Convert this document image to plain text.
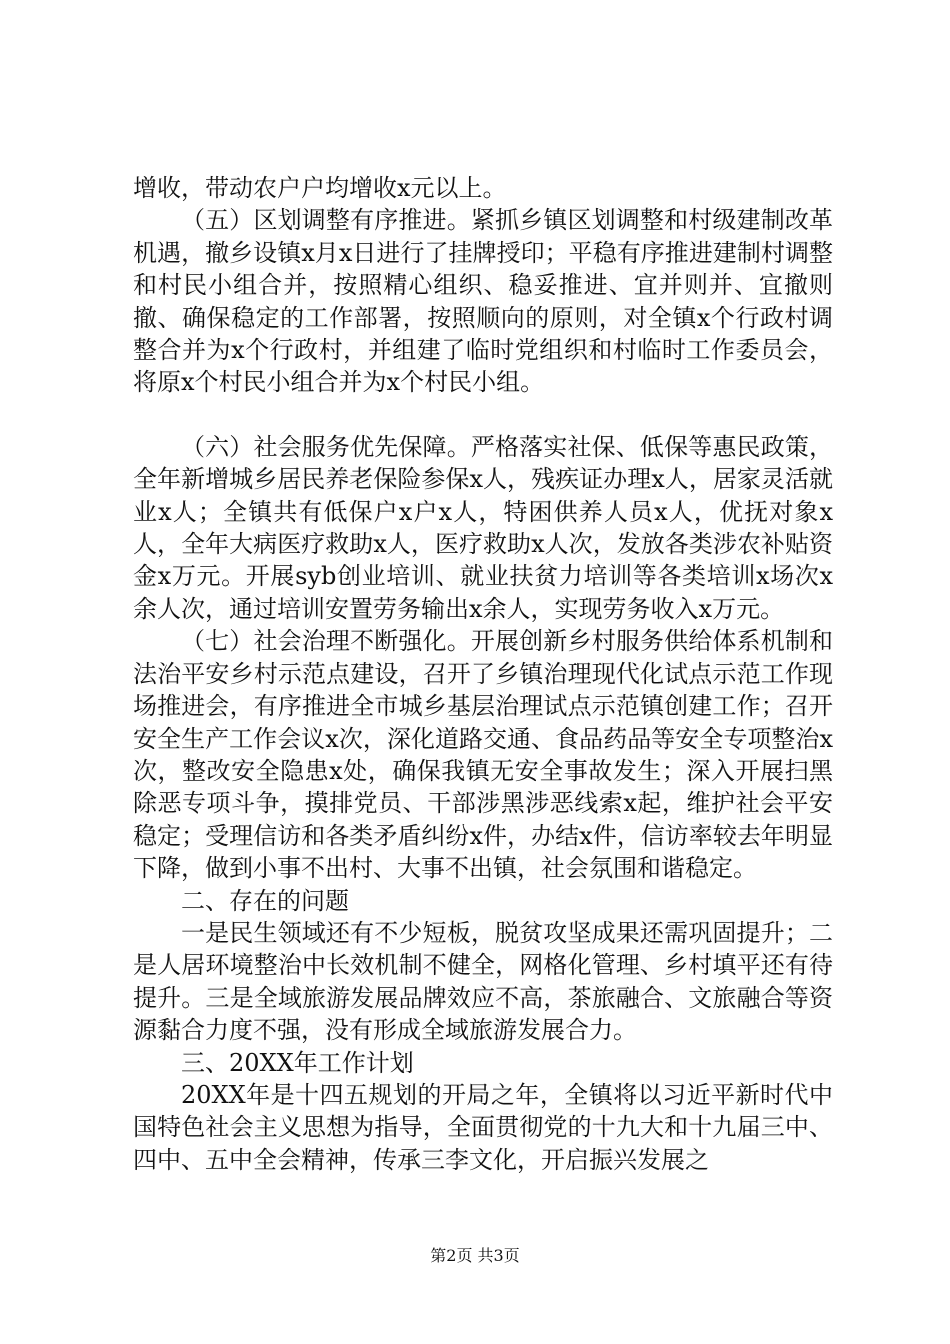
增收，带动农户户均增收x元以上。

（五）区划调整有序推进。紧抓乡镇区划调整和村级建制改革机遇，撤乡设镇x月x日进行了挂牌授印；平稳有序推进建制村调整和村民小组合并，按照精心组织、稳妥推进、宜并则并、宜撤则撤、确保稳定的工作部署，按照顺向的原则，对全镇x个行政村调整合并为x个行政村，并组建了临时党组织和村临时工作委员会，将原x个村民小组合并为x个村民小组。

（六）社会服务优先保障。严格落实社保、低保等惠民政策，全年新增城乡居民养老保险参保x人，残疾证办理x人，居家灵活就业x人；全镇共有低保户x户x人，特困供养人员x人，优抚对象x人，全年大病医疗救助x人，医疗救助x人次，发放各类涉农补贴资金x万元。开展syb创业培训、就业扶贫力培训等各类培训x场次x余人次，通过培训安置劳务输出x余人，实现劳务收入x万元。

（七）社会治理不断强化。开展创新乡村服务供给体系机制和法治平安乡村示范点建设，召开了乡镇治理现代化试点示范工作现场推进会，有序推进全市城乡基层治理试点示范镇创建工作；召开安全生产工作会议x次，深化道路交通、食品药品等安全专项整治x次，整改安全隐患x处，确保我镇无安全事故发生；深入开展扫黑除恶专项斗争，摸排党员、干部涉黑涉恶线索x起，维护社会平安稳定；受理信访和各类矛盾纠纷x件，办结x件，信访率较去年明显下降，做到小事不出村、大事不出镇，社会氛围和谐稳定。

二、存在的问题

一是民生领域还有不少短板，脱贫攻坚成果还需巩固提升；二是人居环境整治中长效机制不健全，网格化管理、乡村填平还有待提升。三是全域旅游发展品牌效应不高，茶旅融合、文旅融合等资源黏合力度不强，没有形成全域旅游发展合力。

三、20XX年工作计划

20XX年是十四五规划的开局之年，全镇将以习近平新时代中国特色社会主义思想为指导，全面贯彻党的十九大和十九届三中、四中、五中全会精神，传承三李文化，开启振兴发展之

第2页 共3页
